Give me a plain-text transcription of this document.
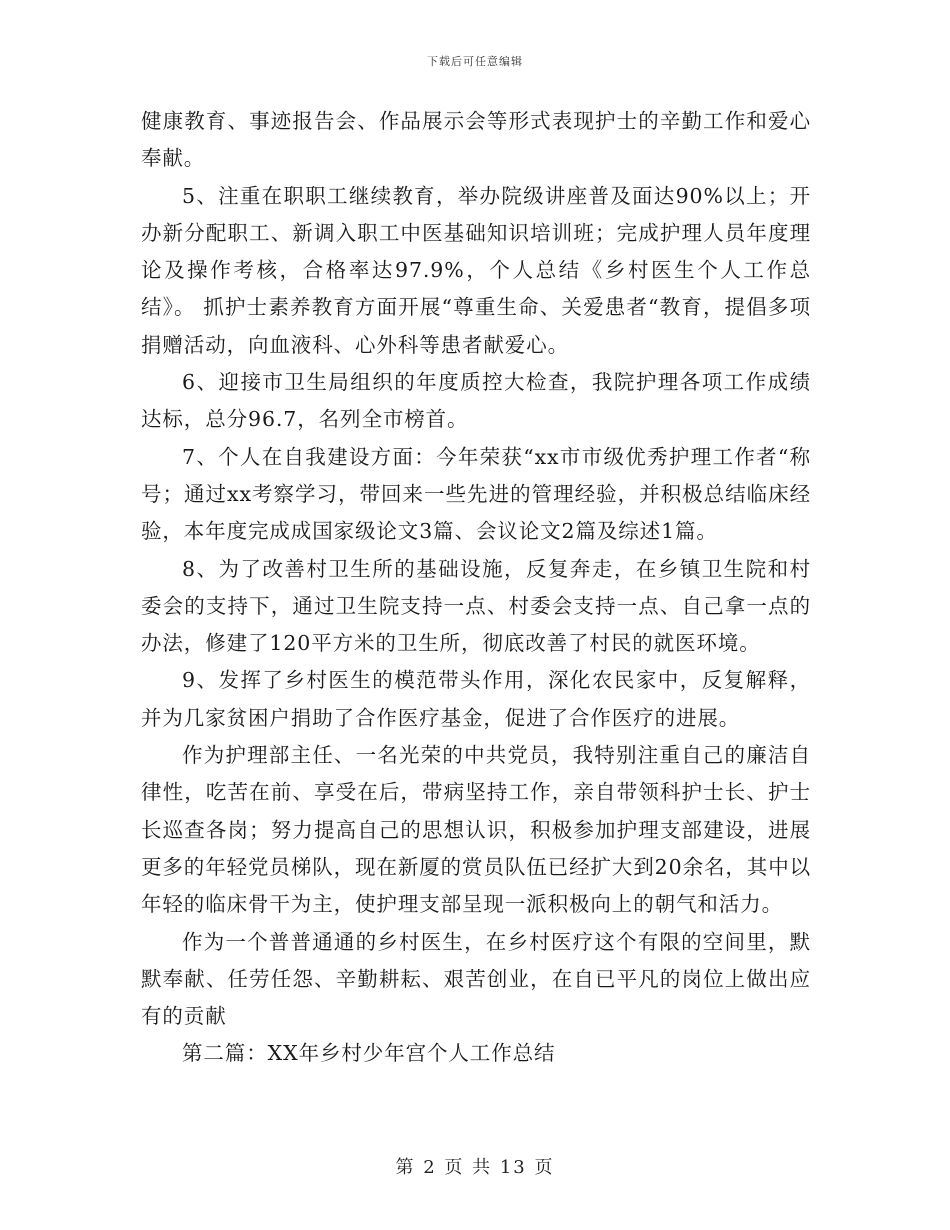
下载后可任意编辑

健康教育、事迹报告会、作品展示会等形式表现护士的辛勤工作和爱心奉献。

5、注重在职职工继续教育，举办院级讲座普及面达90%以上；开办新分配职工、新调入职工中医基础知识培训班；完成护理人员年度理论及操作考核，合格率达97.9%，个人总结《乡村医生个人工作总结》。 抓护士素养教育方面开展“尊重生命、关爱患者“教育，提倡多项捐赠活动，向血液科、心外科等患者献爱心。

6、迎接市卫生局组织的年度质控大检查，我院护理各项工作成绩达标，总分96.7，名列全市榜首。

7、个人在自我建设方面：今年荣获“xx市市级优秀护理工作者“称号；通过xx考察学习，带回来一些先进的管理经验，并积极总结临床经验，本年度完成成国家级论文3篇、会议论文2篇及综述1篇。

8、为了改善村卫生所的基础设施，反复奔走，在乡镇卫生院和村委会的支持下，通过卫生院支持一点、村委会支持一点、自己拿一点的办法，修建了120平方米的卫生所，彻底改善了村民的就医环境。

9、发挥了乡村医生的模范带头作用，深化农民家中，反复解释，并为几家贫困户捐助了合作医疗基金，促进了合作医疗的进展。

作为护理部主任、一名光荣的中共党员，我特别注重自己的廉洁自律性，吃苦在前、享受在后，带病坚持工作，亲自带领科护士长、护士长巡查各岗；努力提高自己的思想认识，积极参加护理支部建设，进展更多的年轻党员梯队，现在新厦的赏员队伍已经扩大到20余名，其中以年轻的临床骨干为主，使护理支部呈现一派积极向上的朝气和活力。

作为一个普普通通的乡村医生，在乡村医疗这个有限的空间里，默默奉献、任劳任怨、辛勤耕耘、艰苦创业，在自已平凡的岗位上做出应有的贡献

第二篇：XX年乡村少年宫个人工作总结

第 2 页 共 13 页
